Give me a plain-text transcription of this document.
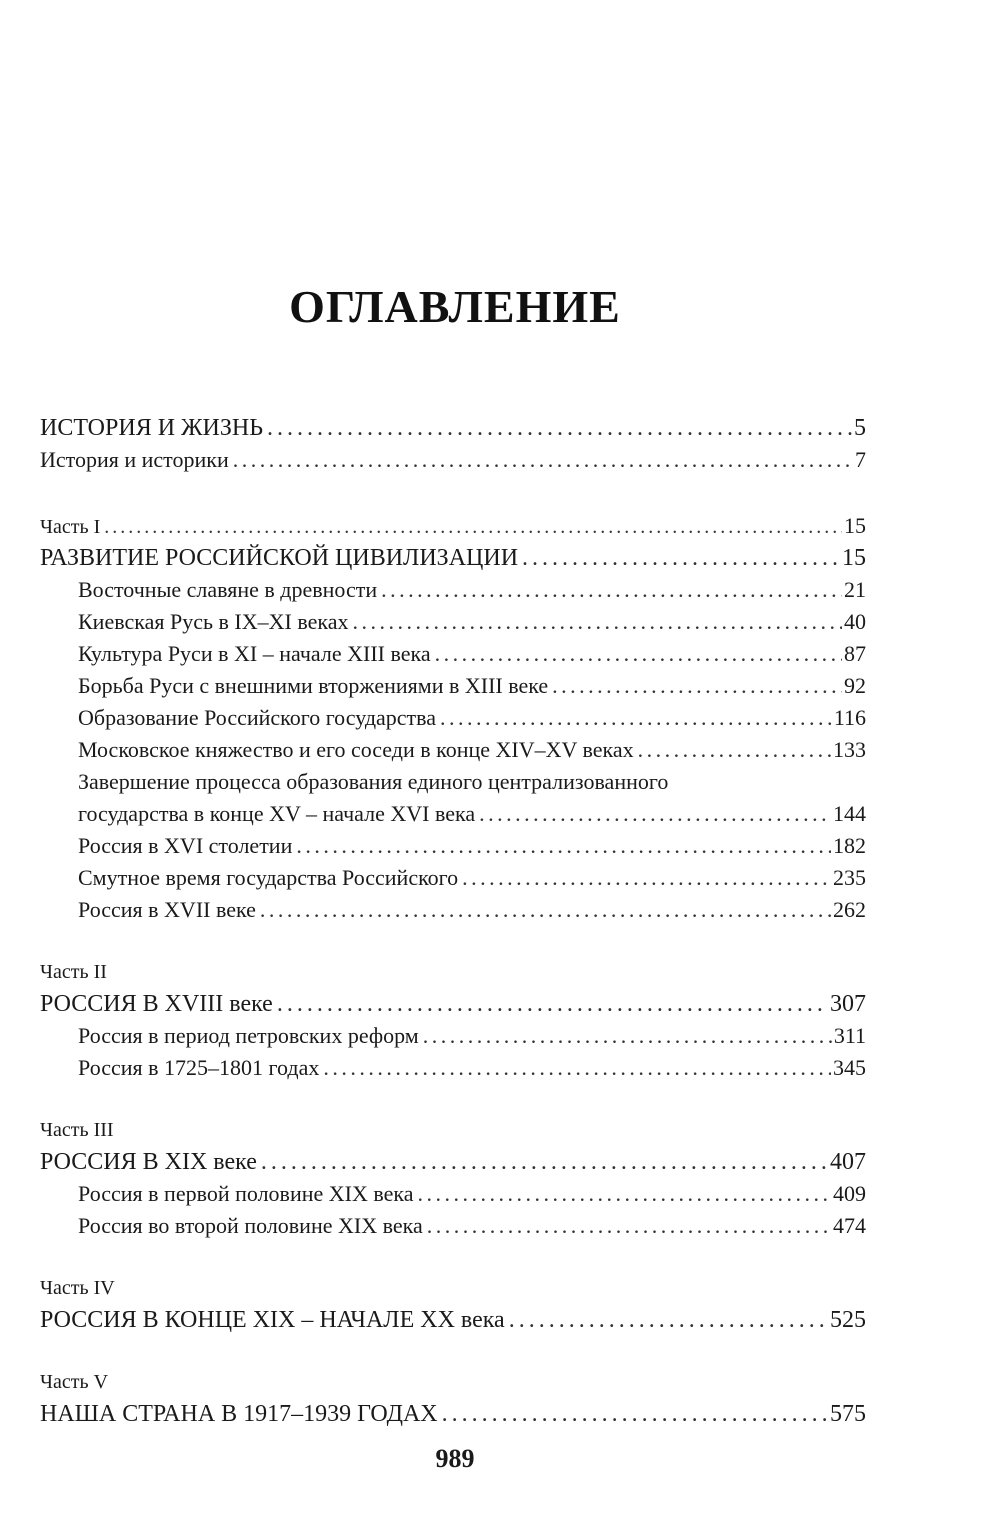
ОГЛАВЛЕНИЕ
ИСТОРИЯ И ЖИЗНЬ . . .	5
История и историки . . .	7
Часть I . . .	15
РАЗВИТИЕ РОССИЙСКОЙ ЦИВИЛИЗАЦИИ . . .	15
Восточные славяне в древности . . .	21
Киевская Русь в IX–XI веках . . .	40
Культура Руси в XI – начале XIII века . . .	87
Борьба Руси с внешними вторжениями в XIII веке . . .	92
Образование Российского государства . . .	116
Московское княжество и его соседи в конце XIV–XV веках . . .	133
Завершение процесса образования единого централизованного
государства в конце XV – начале XVI века . . .	144
Россия в XVI столетии . . .	182
Смутное время государства Российского . . .	235
Россия в XVII веке . . .	262
Часть II
РОССИЯ В XVIII веке . . .	307
Россия в период петровских реформ . . .	311
Россия в 1725–1801 годах . . .	345
Часть III
РОССИЯ В XIX веке . . .	407
Россия в первой половине XIX века . . .	409
Россия во второй половине XIX века . . .	474
Часть IV
РОССИЯ В КОНЦЕ XIX – НАЧАЛЕ XX века . . .	525
Часть V
НАША СТРАНА В 1917–1939 ГОДАХ . . .	575
989
